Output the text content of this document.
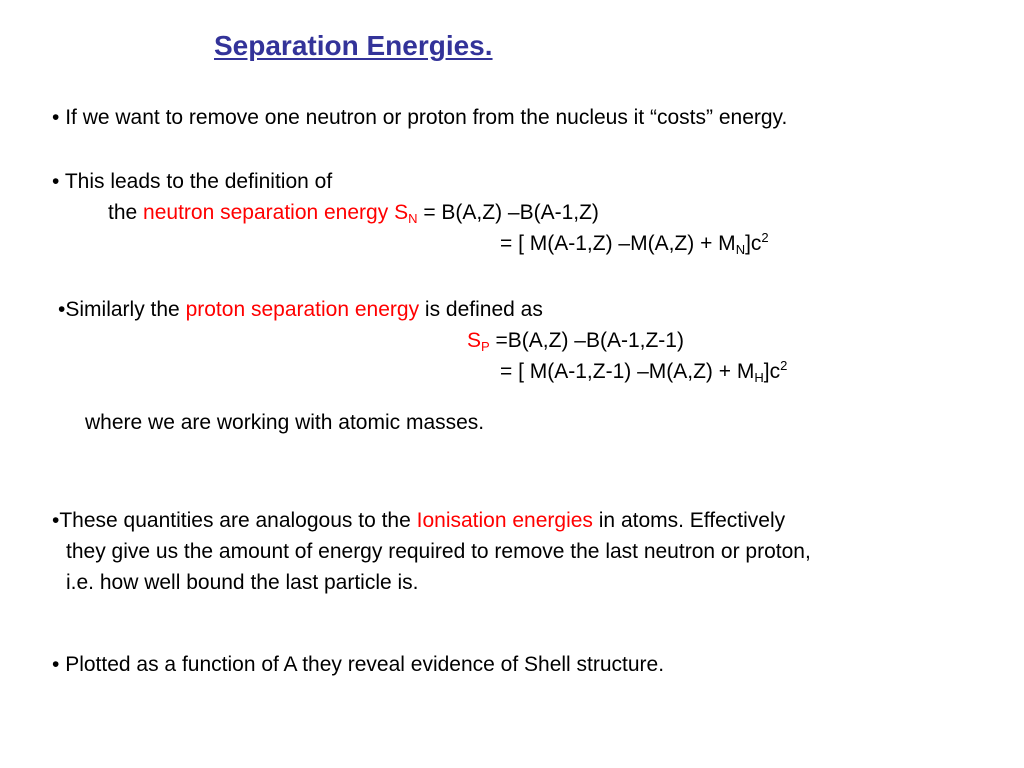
Separation Energies.
• If we want to remove one neutron or proton from the nucleus it “costs” energy.
• This leads to the definition of
the neutron separation energy $S_N = B(A,Z)$ –B(A-1,Z)
= [ M(A-1,Z) $-M(A,Z) + M_N]c^2$
•Similarly the proton separation energy is defined as
$S_P =B(A,Z)$ –B(A-1,Z-1)
= [ M(A-1,Z-1) $-M(A,Z) + M_H]c^2$
where we are working with atomic masses.
•These quantities are analogous to the Ionisation energies in atoms. Effectively
they give us the amount of energy required to remove the last neutron or proton,
i.e. how well bound the last particle is.
• Plotted as a function of A they reveal evidence of Shell structure.
